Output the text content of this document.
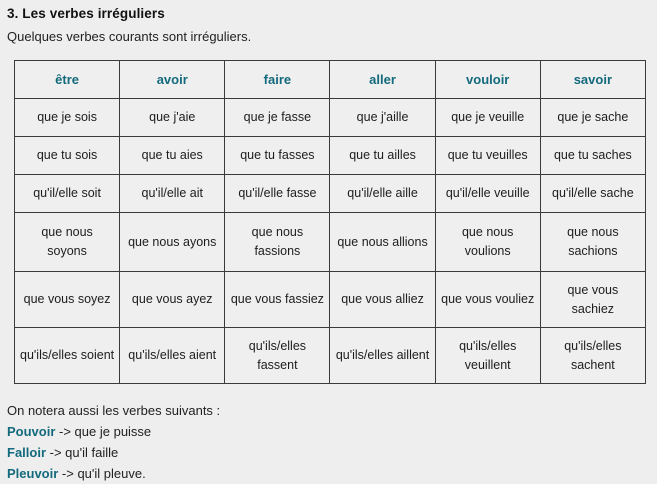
3. Les verbes irréguliers

Quelques verbes courants sont irréguliers.

être	avoir	faire	aller	vouloir	savoir
que je sois	que j'aie	que je fasse	que j'aille	que je veuille	que je sache
que tu sois	que tu aies	que tu fasses	que tu ailles	que tu veuilles	que tu saches
qu'il/elle soit	qu'il/elle ait	qu'il/elle fasse	qu'il/elle aille	qu'il/elle veuille	qu'il/elle sache
que nous soyons	que nous ayons	que nous fassions	que nous allions	que nous voulions	que nous sachions
que vous soyez	que vous ayez	que vous fassiez	que vous alliez	que vous vouliez	que vous sachiez
qu'ils/elles soient	qu'ils/elles aient	qu'ils/elles fassent	qu'ils/elles aillent	qu'ils/elles veuillent	qu'ils/elles sachent
On notera aussi les verbes suivants :
Pouvoir -> que je puisse
Falloir -> qu'il faille
Pleuvoir -> qu'il pleuve.
